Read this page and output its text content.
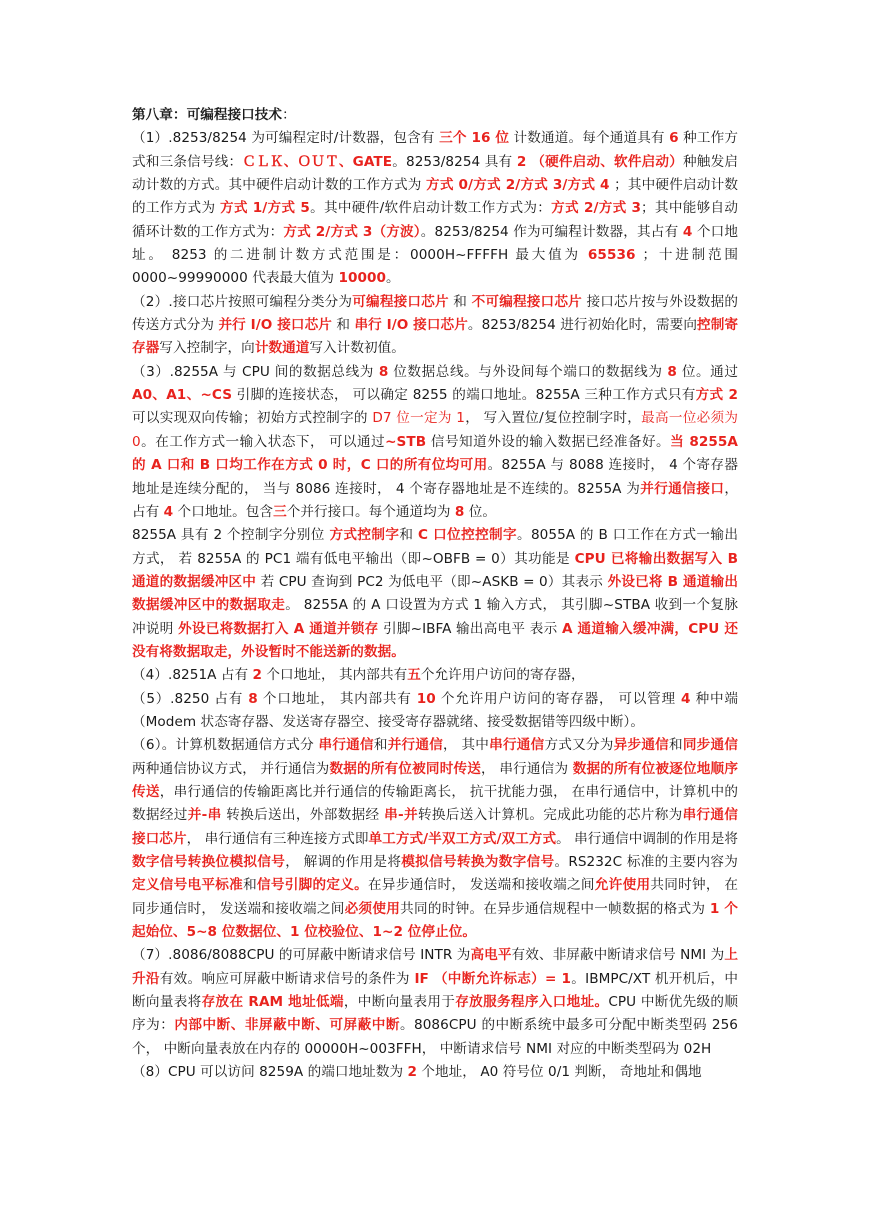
第八章：可编程接口技术：

（1）.8253/8254 为可编程定时/计数器，包含有 三个 16 位 计数通道。每个通道具有 6 种工作方式和三条信号线：ＣＬＫ、ＯＵＴ、GATE。8253/8254 具有 2 （硬件启动、软件启动）种触发启动计数的方式。其中硬件启动计数的工作方式为 方式 0/方式 2/方式 3/方式 4 ；其中硬件启动计数的工作方式为 方式 1/方式 5。其中硬件/软件启动计数工作方式为：方式 2/方式 3；其中能够自动循环计数的工作方式为：方式 2/方式 3（方波）。8253/8254 作为可编程计数器，其占有 4 个口地址。 8253 的二进制计数方式范围是：0000H~FFFFH 最大值为 65536 ；十进制范围 0000~99990000 代表最大值为 10000。

（2）.接口芯片按照可编程分类分为可编程接口芯片 和 不可编程接口芯片 接口芯片按与外设数据的传送方式分为 并行 I/O 接口芯片 和 串行 I/O 接口芯片。8253/8254 进行初始化时，需要向控制寄存器写入控制字，向计数通道写入计数初值。

（3）.8255A 与 CPU 间的数据总线为 8 位数据总线。与外设间每个端口的数据线为 8 位。通过 A0、A1、~CS 引脚的连接状态， 可以确定 8255 的端口地址。8255A 三种工作方式只有方式 2 可以实现双向传输；初始方式控制字的 D7 位一定为 1， 写入置位/复位控制字时，最高一位必须为 0。在工作方式一输入状态下， 可以通过~STB 信号知道外设的输入数据已经准备好。当 8255A 的 A 口和 B 口均工作在方式 0 时，C 口的所有位均可用。8255A 与 8088 连接时， 4 个寄存器地址是连续分配的， 当与 8086 连接时， 4 个寄存器地址是不连续的。8255A 为并行通信接口， 占有 4 个口地址。包含三个并行接口。每个通道均为 8 位。

8255A 具有 2 个控制字分别位 方式控制字和 C 口位控控制字。8055A 的 B 口工作在方式一输出方式， 若 8255A 的 PC1 端有低电平输出（即~OBFB = 0）其功能是 CPU 已将输出数据写入 B 通道的数据缓冲区中 若 CPU 查询到 PC2 为低电平（即~ASKB = 0）其表示 外设已将 B 通道输出数据缓冲区中的数据取走。 8255A 的 A 口设置为方式 1 输入方式， 其引脚~STBA 收到一个复脉冲说明 外设已将数据打入 A 通道并锁存 引脚~IBFA 输出高电平 表示 A 通道输入缓冲满，CPU 还没有将数据取走，外设暂时不能送新的数据。

（4）.8251A 占有 2 个口地址， 其内部共有五个允许用户访问的寄存器，

（5）.8250 占有 8 个口地址， 其内部共有 10 个允许用户访问的寄存器， 可以管理 4 种中端（Modem 状态寄存器、发送寄存器空、接受寄存器就绪、接受数据错等四级中断）。

（6）。计算机数据通信方式分 串行通信和并行通信， 其中串行通信方式又分为异步通信和同步通信两种通信协议方式， 并行通信为数据的所有位被同时传送， 串行通信为 数据的所有位被逐位地顺序传送，串行通信的传输距离比并行通信的传输距离长， 抗干扰能力强， 在串行通信中，计算机中的数据经过并-串 转换后送出，外部数据经 串-并转换后送入计算机。完成此功能的芯片称为串行通信接口芯片， 串行通信有三种连接方式即单工方式/半双工方式/双工方式。 串行通信中调制的作用是将数字信号转换位模拟信号， 解调的作用是将模拟信号转换为数字信号。RS232C 标准的主要内容为 定义信号电平标准和信号引脚的定义。在异步通信时， 发送端和接收端之间允许使用共同时钟， 在同步通信时， 发送端和接收端之间必须使用共同的时钟。在异步通信规程中一帧数据的格式为 1 个起始位、5~8 位数据位、1 位校验位、1~2 位停止位。

（7）.8086/8088CPU 的可屏蔽中断请求信号 INTR 为高电平有效、非屏蔽中断请求信号 NMI 为上升沿有效。响应可屏蔽中断请求信号的条件为 IF （中断允许标志）= 1。IBMPC/XT 机开机后，中断向量表将存放在 RAM 地址低端，中断向量表用于存放服务程序入口地址。CPU 中断优先级的顺序为：内部中断、非屏蔽中断、可屏蔽中断。8086CPU 的中断系统中最多可分配中断类型码 256 个， 中断向量表放在内存的 00000H~003FFH， 中断请求信号 NMI 对应的中断类型码为 02H

（8）CPU 可以访问 8259A 的端口地址数为 2 个地址， A0 符号位 0/1 判断， 奇地址和偶地
